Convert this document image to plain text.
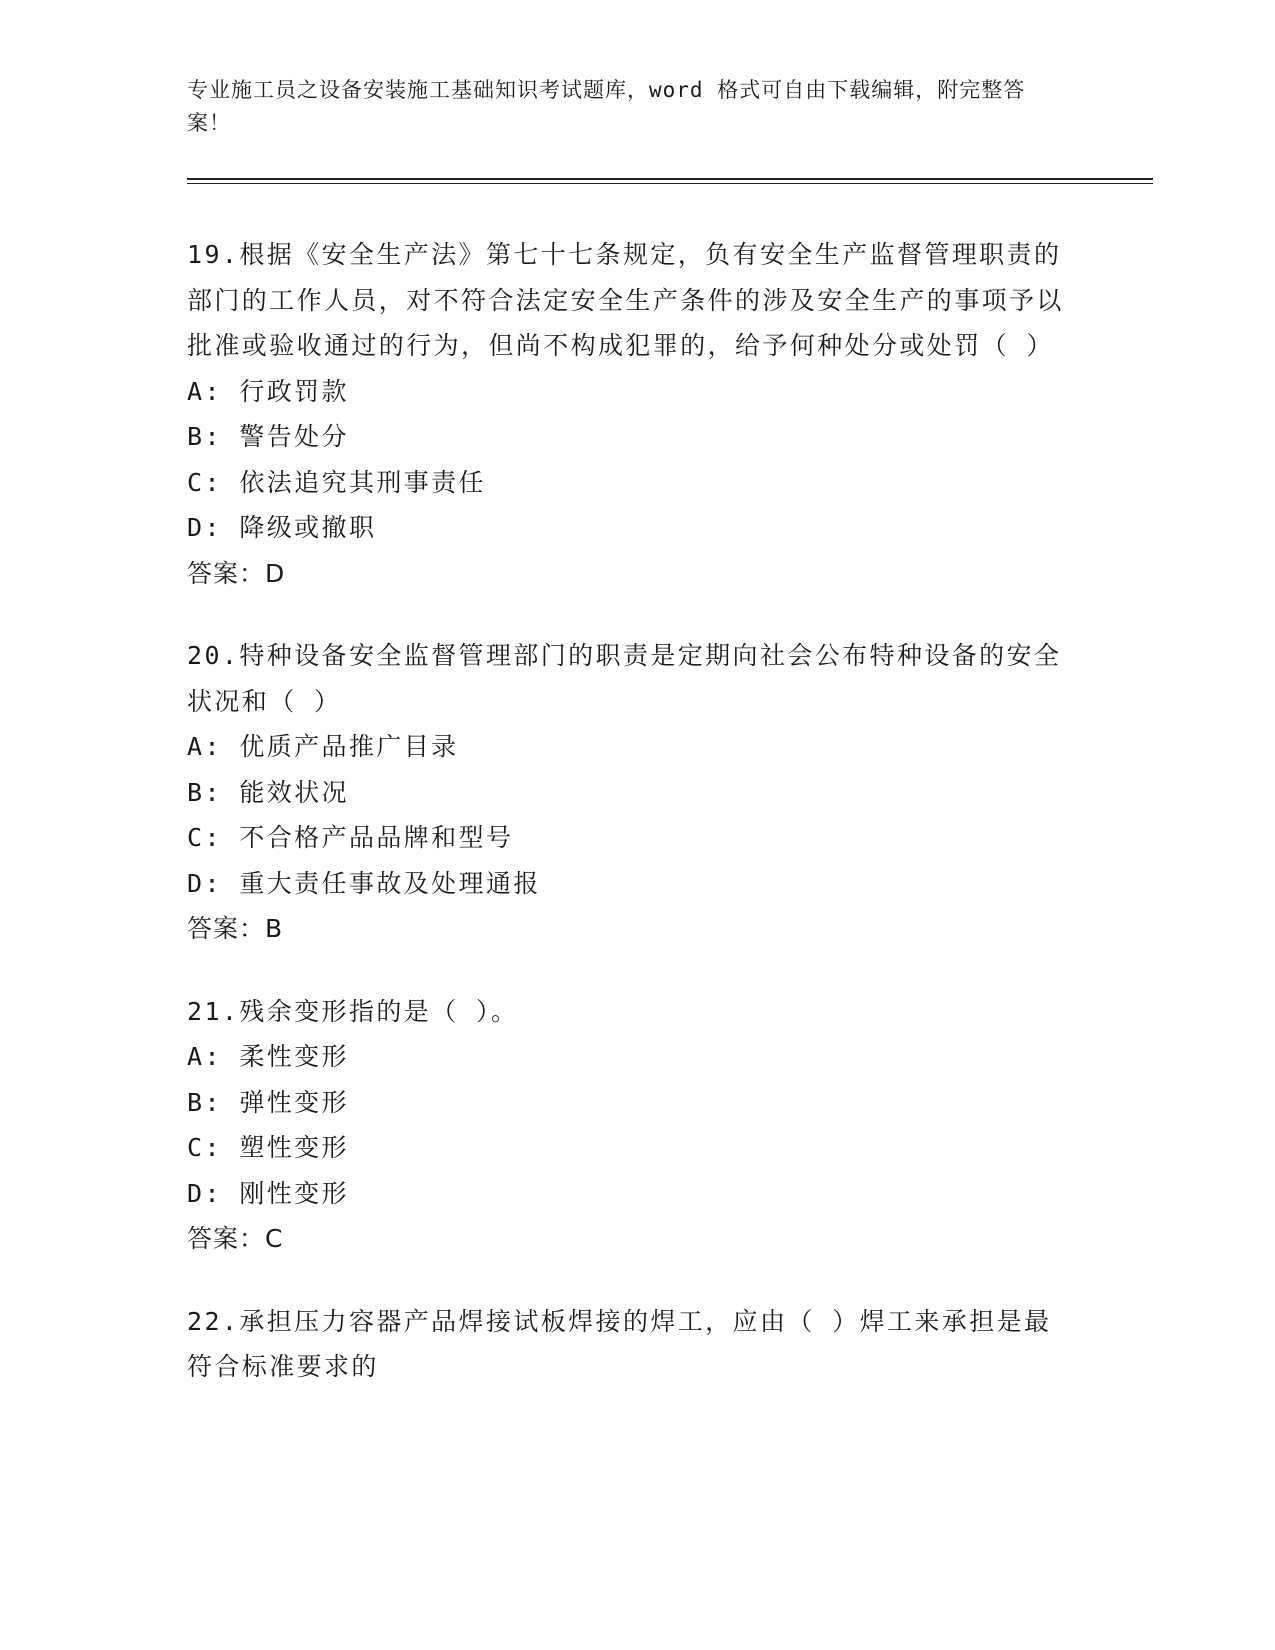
专业施工员之设备安装施工基础知识考试题库，word 格式可自由下载编辑，附完整答案！

19.根据《安全生产法》第七十七条规定，负有安全生产监督管理职责的部门的工作人员，对不符合法定安全生产条件的涉及安全生产的事项予以批准或验收通过的行为，但尚不构成犯罪的，给予何种处分或处罚（ ）

A: 行政罚款

B: 警告处分

C: 依法追究其刑事责任

D: 降级或撤职

答案：D

20.特种设备安全监督管理部门的职责是定期向社会公布特种设备的安全状况和（ ）

A: 优质产品推广目录

B: 能效状况

C: 不合格产品品牌和型号

D: 重大责任事故及处理通报

答案：B

21.残余变形指的是（ ）。

A: 柔性变形

B: 弹性变形

C: 塑性变形

D: 刚性变形

答案：C

22.承担压力容器产品焊接试板焊接的焊工，应由（ ）焊工来承担是最符合标准要求的
